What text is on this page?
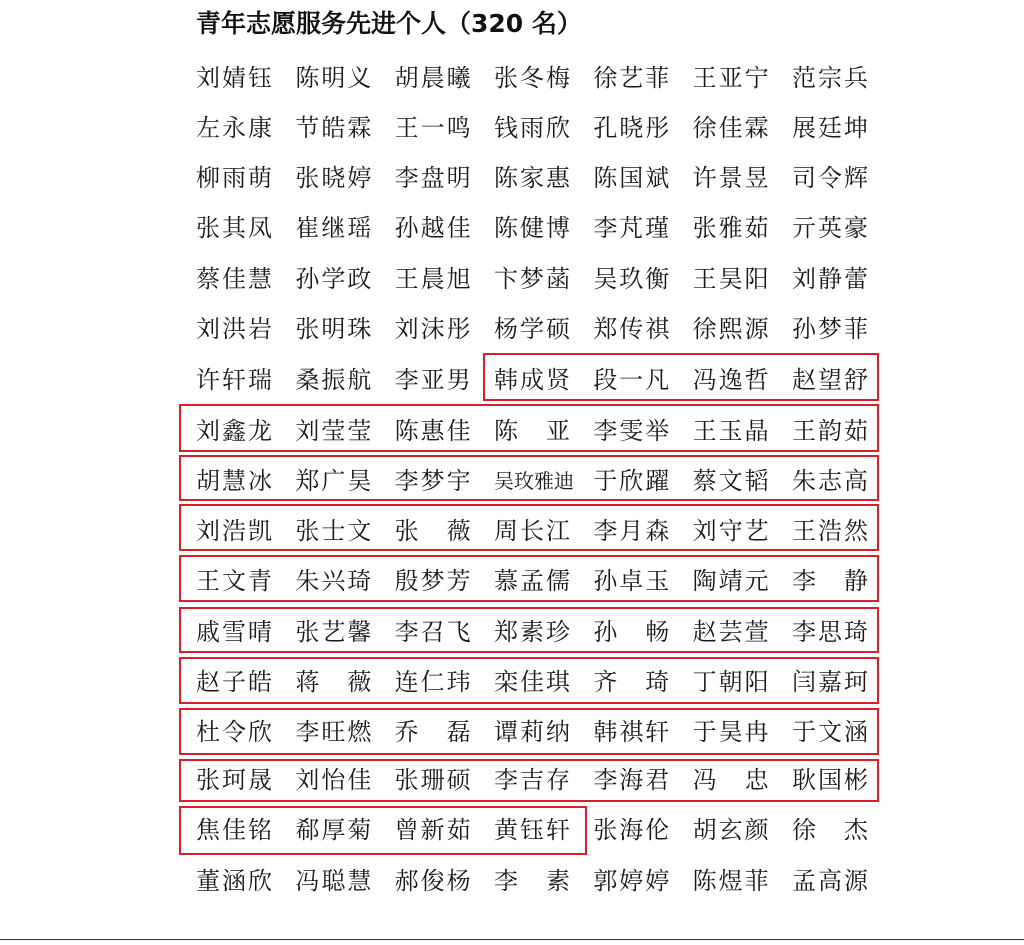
青年志愿服务先进个人（320 名）
刘婧钰 陈明义 胡晨曦 张冬梅 徐艺菲 王亚宁 范宗兵
左永康 节皓霖 王一鸣 钱雨欣 孔晓彤 徐佳霖 展廷坤
柳雨萌 张晓婷 李盘明 陈家惠 陈国斌 许景昱 司令辉
张其凤 崔继瑶 孙越佳 陈健博 李芃瑾 张雅茹 亓英豪
蔡佳慧 孙学政 王晨旭 卞梦菡 吴玖衡 王昊阳 刘静蕾
刘洪岩 张明珠 刘沫彤 杨学硕 郑传祺 徐熙源 孙梦菲
许轩瑞 桑振航 李亚男 韩成贤 段一凡 冯逸哲 赵望舒
刘鑫龙 刘莹莹 陈惠佳 陈　亚 李雯举 王玉晶 王韵茹
胡慧冰 郑广昊 李梦宇 吴玫雅迪 于欣躍 蔡文韬 朱志高
刘浩凯 张士文 张　薇 周长江 李月森 刘守艺 王浩然
王文青 朱兴琦 殷梦芳 慕孟儒 孙卓玉 陶靖元 李　静
戚雪晴 张艺馨 李召飞 郑素珍 孙　畅 赵芸萱 李思琦
赵子皓 蒋　薇 连仁玮 栾佳琪 齐　琦 丁朝阳 闫嘉珂
杜令欣 李旺燃 乔　磊 谭莉纳 韩祺轩 于昊冉 于文涵
张珂晟 刘怡佳 张珊硕 李吉存 李海君 冯　忠 耿国彬
焦佳铭 郗厚菊 曾新茹 黄钰轩 张海伦 胡玄颜 徐　杰
董涵欣 冯聪慧 郝俊杨 李　素 郭婷婷 陈煜菲 孟高源
